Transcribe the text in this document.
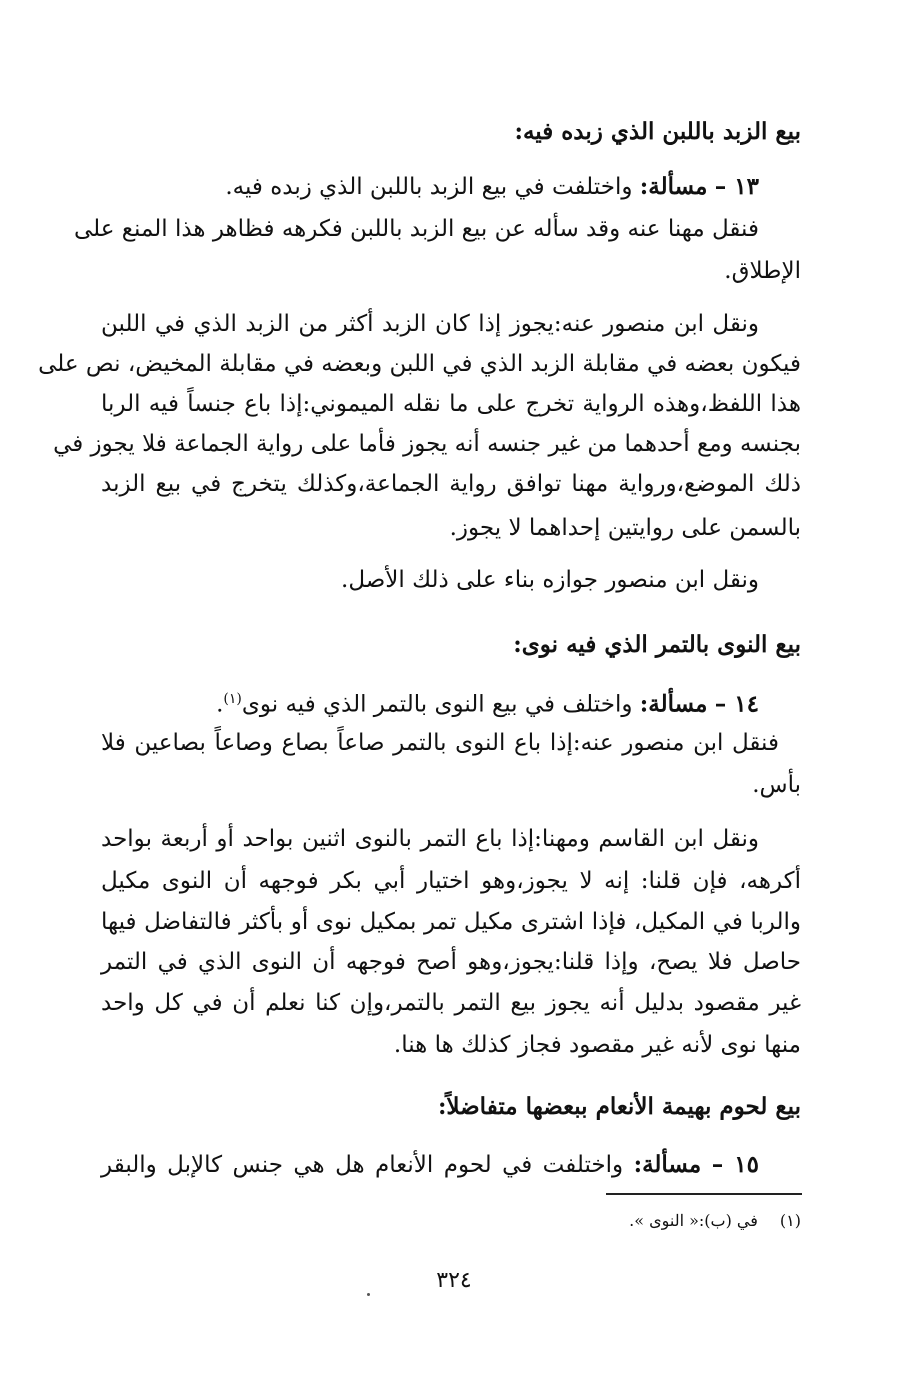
بيع الزبد باللبن الذي زبده فيه:
١٣ – مسألة: واختلفت في بيع الزبد باللبن الذي زبده فيه.
فنقل مهنا عنه وقد سأله عن بيع الزبد باللبن فكرهه فظاهر هذا المنع على
الإطلاق.
ونقل ابن منصور عنه:يجوز إذا كان الزبد أكثر من الزبد الذي في اللبن
فيكون بعضه في مقابلة الزبد الذي في اللبن وبعضه في مقابلة المخيض، نص على
هذا اللفظ،وهذه الرواية تخرج على ما نقله الميموني:إذا باع جنساً فيه الربا
بجنسه ومع أحدهما من غير جنسه أنه يجوز فأما على رواية الجماعة فلا يجوز في
ذلك الموضع،ورواية مهنا توافق رواية الجماعة،وكذلك يتخرج في بيع الزبد
بالسمن على روايتين إحداهما لا يجوز.
ونقل ابن منصور جوازه بناء على ذلك الأصل.
بيع النوى بالتمر الذي فيه نوى:
١٤ – مسألة: واختلف في بيع النوى بالتمر الذي فيه نوى$^{(١)}$.
فنقل ابن منصور عنه:إذا باع النوى بالتمر صاعاً بصاع وصاعاً بصاعين فلا
بأس.
ونقل ابن القاسم ومهنا:إذا باع التمر بالنوى اثنين بواحد أو أربعة بواحد
أكرهه، فإن قلنا: إنه لا يجوز،وهو اختيار أبي بكر فوجهه أن النوى مكيل
والربا في المكيل، فإذا اشترى مكيل تمر بمكيل نوى أو بأكثر فالتفاضل فيها
حاصل فلا يصح، وإذا قلنا:يجوز،وهو أصح فوجهه أن النوى الذي في التمر
غير مقصود بدليل أنه يجوز بيع التمر بالتمر،وإن كنا نعلم أن في كل واحد
منها نوى لأنه غير مقصود فجاز كذلك ها هنا.
بيع لحوم بهيمة الأنعام ببعضها متفاضلاً:
١٥ – مسألة: واختلفت في لحوم الأنعام هل هي جنس كالإبل والبقر
(١)في (ب):« النوى ».
٣٢٤
